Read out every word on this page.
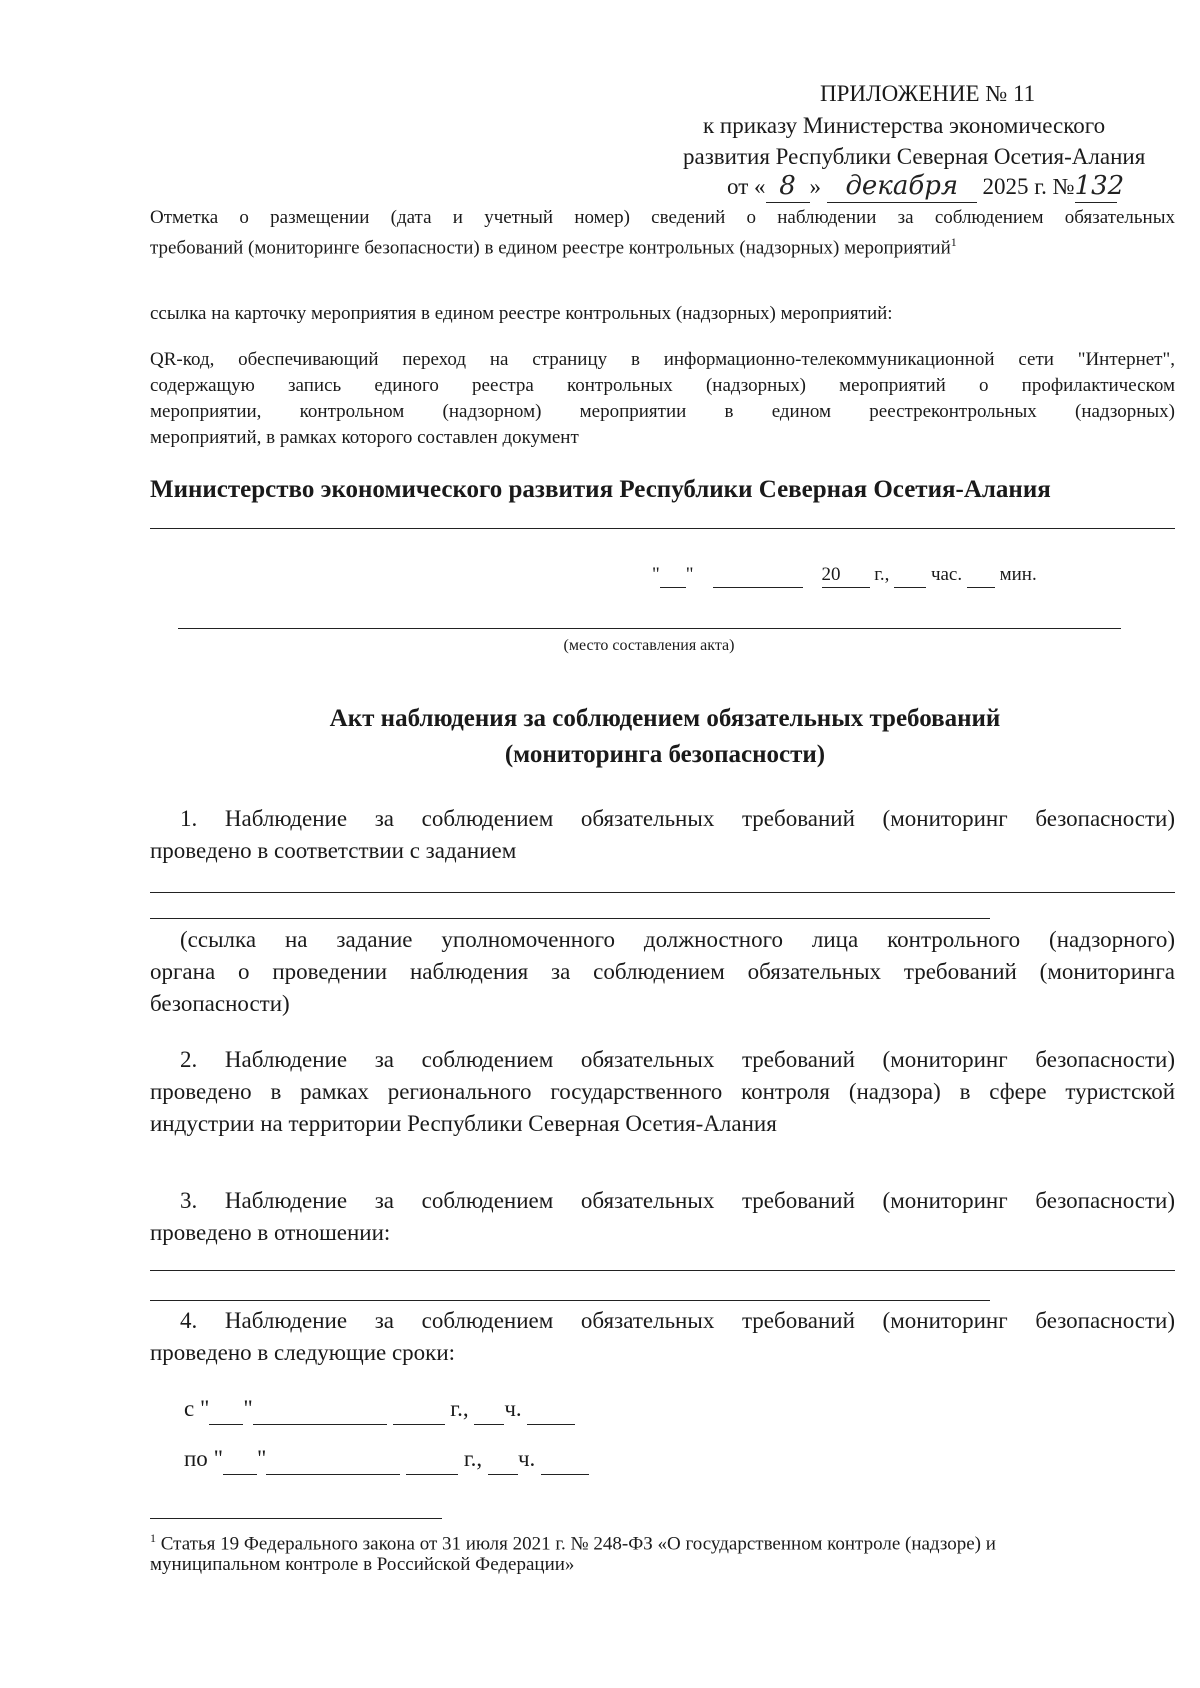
ПРИЛОЖЕНИЕ № 11
к приказу Министерства экономического
развития Республики Северная Осетия-Алания
от « 8 » декабря 2025 г. №132
Отметка о размещении (дата и учетный номер) сведений о наблюдении за соблюдением обязательных
требований (мониторинге безопасности) в едином реестре контрольных (надзорных) мероприятий$^1$
ссылка на карточку мероприятия в едином реестре контрольных (надзорных) мероприятий:
QR-код, обеспечивающий переход на страницу в информационно-телекоммуникационной сети "Интернет",
содержащую запись единого реестра контрольных (надзорных) мероприятий о профилактическом
мероприятии, контрольном (надзорном) мероприятии в едином реестреконтрольных (надзорных)
мероприятий, в рамках которого составлен документ
Министерство экономического развития Республики Северная Осетия-Алания
" "	20 г., час. мин.
(место составления акта)
Акт наблюдения за соблюдением обязательных требований
(мониторинга безопасности)
1. Наблюдение за соблюдением обязательных требований (мониторинг безопасности)
проведено в соответствии с заданием
(ссылка на задание уполномоченного должностного лица контрольного (надзорного)
органа о проведении наблюдения за соблюдением обязательных требований (мониторинга
безопасности)
2. Наблюдение за соблюдением обязательных требований (мониторинг безопасности)
проведено в рамках регионального государственного контроля (надзора) в сфере туристской
индустрии на территории Республики Северная Осетия-Алания
3. Наблюдение за соблюдением обязательных требований (мониторинг безопасности)
проведено в отношении:
4. Наблюдение за соблюдением обязательных требований (мониторинг безопасности)
проведено в следующие сроки:
с " "	г., ч.
по " "	г., ч.
$^1$ Статья 19 Федерального закона от 31 июля 2021 г. № 248-ФЗ «О государственном контроле (надзоре) и
муниципальном контроле в Российской Федерации»
